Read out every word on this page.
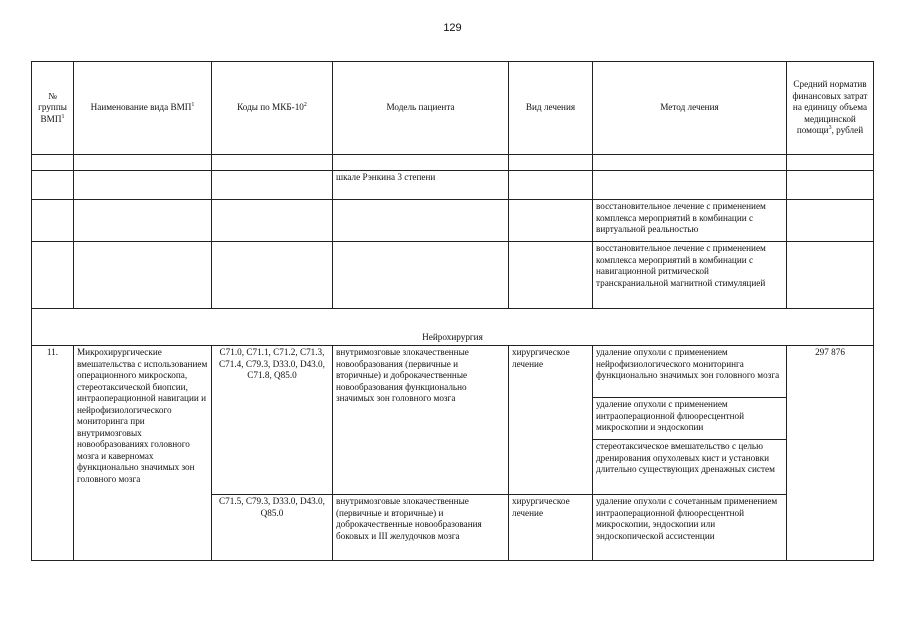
129
№ группы ВМП$^1$	Наименование вида ВМП$^1$	Коды по МКБ-$10^2$	Модель пациента	Вид лечения	Метод лечения	Средний норматив финансовых затрат на единицу объема медицинской помощи$^3$, рублей

			шкале Рэнкина 3 степени			
					восстановительное лечение с применением комплекса мероприятий в комбинации с виртуальной реальностью	
					восстановительное лечение с применением комплекса мероприятий в комбинации с навигационной ритмической транскраниальной магнитной стимуляцией	
Нейрохирургия						
11.	Микрохирургические вмешательства с использованием операционного микроскопа, стереотаксической биопсии, интраоперационной навигации и нейрофизиологического мониторинга при внутримозговых новообразованиях головного мозга и каверномах функционально значимых зон головного мозга	C71.0, C71.1, C71.2, C71.3, C71.4, C79.3, D33.0, D43.0, C71.8, Q85.0	внутримозговые злокачественные новообразования (первичные и вторичные) и доброкачественные новообразования функционально значимых зон головного мозга	хирургическое лечение	удаление опухоли с применением нейрофизиологического мониторинга функционально значимых зон головного мозга	297 876
					удаление опухоли с применением интраоперационной флюоресцентной микроскопии и эндоскопии	
					стереотаксическое вмешательство с целью дренирования опухолевых кист и установки длительно существующих дренажных систем	
		C71.5, C79.3, D33.0, D43.0, Q85.0	внутримозговые злокачественные (первичные и вторичные) и доброкачественные новообразования боковых и III желудочков мозга	хирургическое лечение	удаление опухоли с сочетанным применением интраоперационной флюоресцентной микроскопии, эндоскопии или эндоскопической ассистенции	
